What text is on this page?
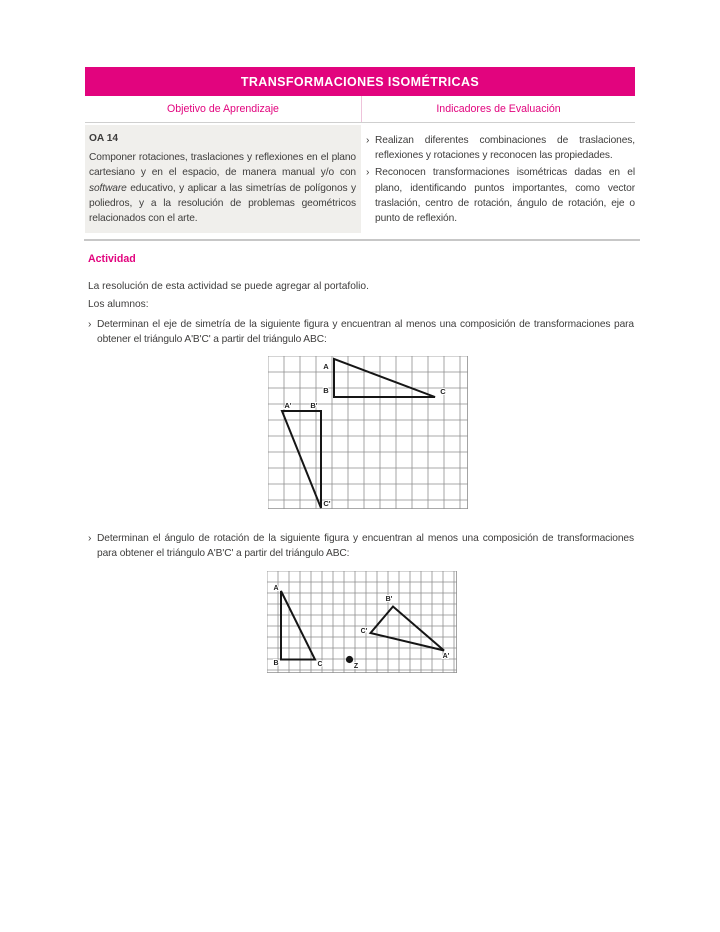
TRANSFORMACIONES ISOMÉTRICAS
Objetivo de Aprendizaje	Indicadores de Evaluación
OA 14

Componer rotaciones, traslaciones y reflexiones en el plano cartesiano y en el espacio, de manera manual y/o con software educativo, y aplicar a las simetrías de polígonos y poliedros, y a la resolución de problemas geométricos relacionados con el arte.

› Realizan diferentes combinaciones de traslaciones, reflexiones y rotaciones y reconocen las propiedades.
› Reconocen transformaciones isométricas dadas en el plano, identificando puntos importantes, como vector traslación, centro de rotación, ángulo de rotación, eje o punto de reflexión.
Actividad
La resolución de esta actividad se puede agregar al portafolio.
Los alumnos:
› Determinan el eje de simetría de la siguiente figura y encuentran al menos una composición de transformaciones para obtener el triángulo A'B'C' a partir del triángulo ABC:
A
B	C
A'	B'
C'
› Determinan el ángulo de rotación de la siguiente figura y encuentran al menos una composición de transformaciones para obtener el triángulo A'B'C' a partir del triángulo ABC:
A
B	C
B'
C'
A'
Z
